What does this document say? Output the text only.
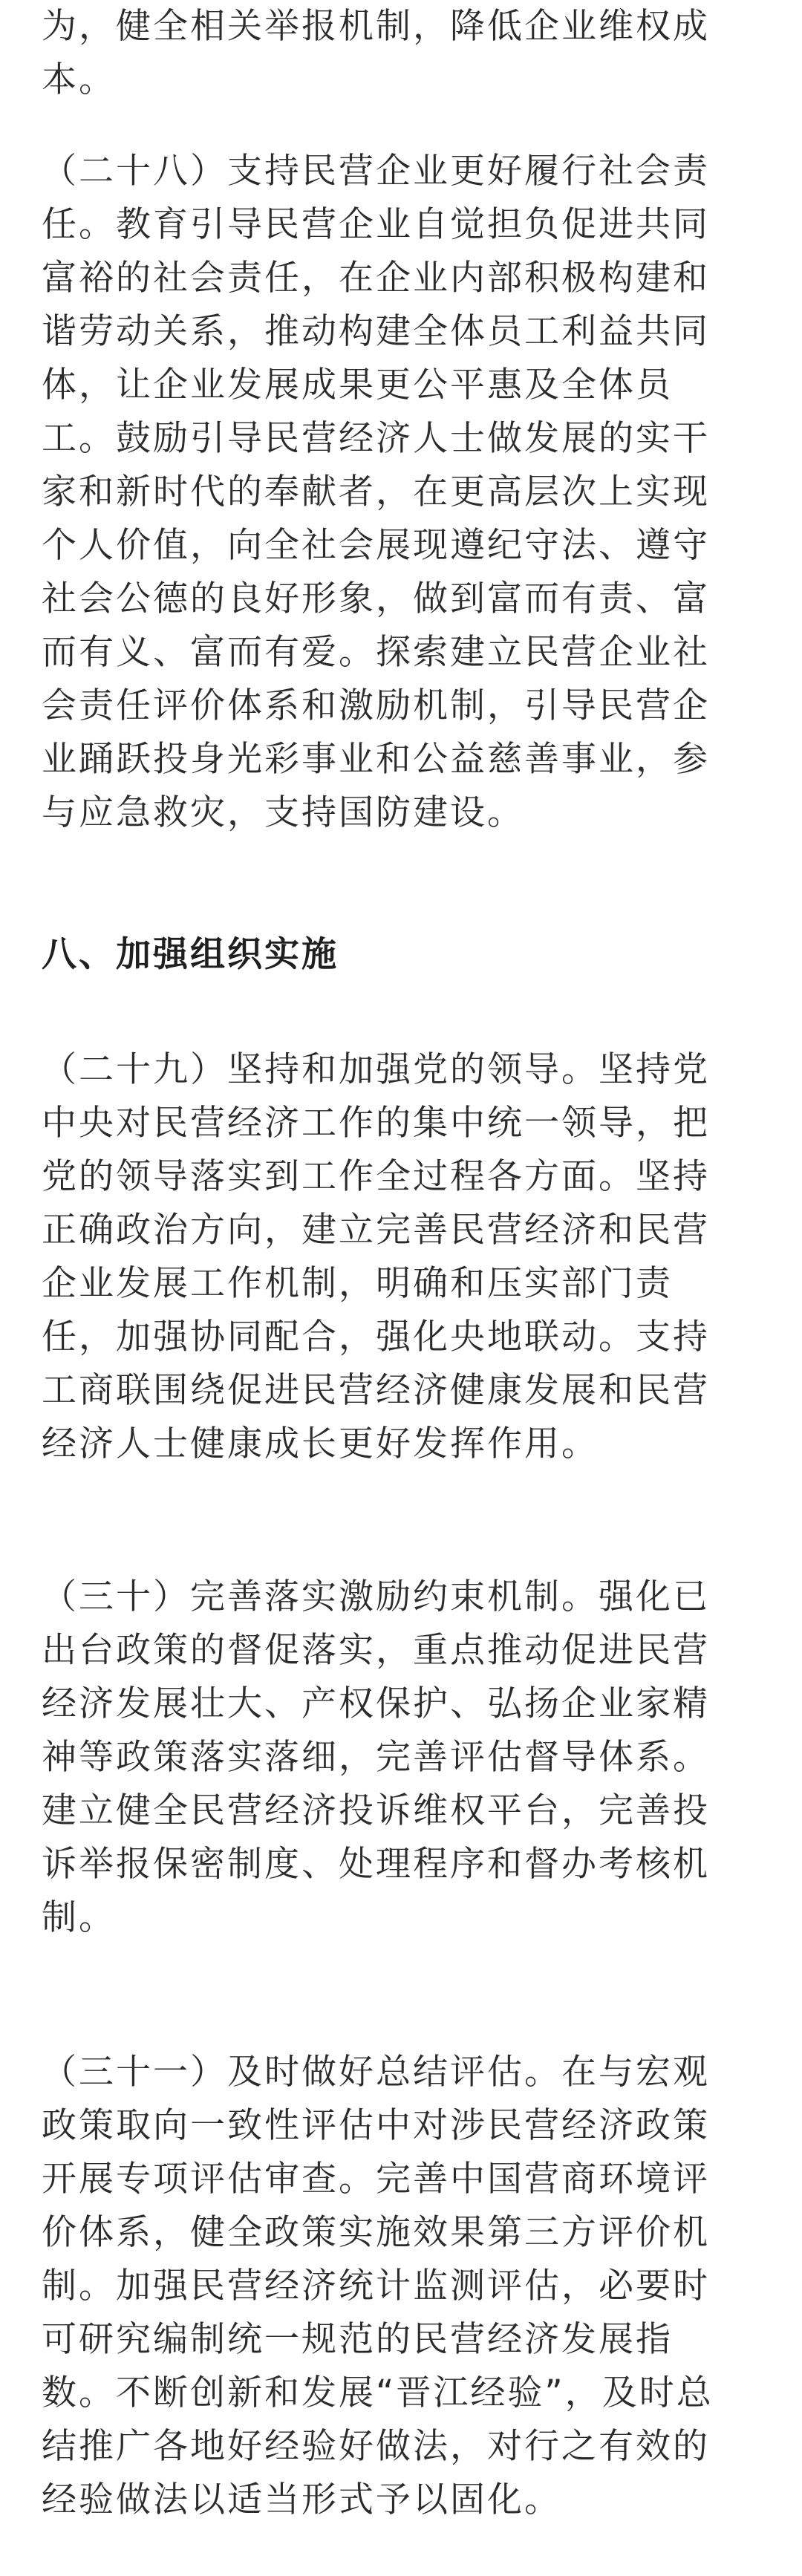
为，健全相关举报机制，降低企业维权成
本。

（二十八）支持民营企业更好履行社会责
任。教育引导民营企业自觉担负促进共同
富裕的社会责任，在企业内部积极构建和
谐劳动关系，推动构建全体员工利益共同
体，让企业发展成果更公平惠及全体员
工。鼓励引导民营经济人士做发展的实干
家和新时代的奉献者，在更高层次上实现
个人价值，向全社会展现遵纪守法、遵守
社会公德的良好形象，做到富而有责、富
而有义、富而有爱。探索建立民营企业社
会责任评价体系和激励机制，引导民营企
业踊跃投身光彩事业和公益慈善事业，参
与应急救灾，支持国防建设。

八、加强组织实施

（二十九）坚持和加强党的领导。坚持党
中央对民营经济工作的集中统一领导，把
党的领导落实到工作全过程各方面。坚持
正确政治方向，建立完善民营经济和民营
企业发展工作机制，明确和压实部门责
任，加强协同配合，强化央地联动。支持
工商联围绕促进民营经济健康发展和民营
经济人士健康成长更好发挥作用。

（三十）完善落实激励约束机制。强化已
出台政策的督促落实，重点推动促进民营
经济发展壮大、产权保护、弘扬企业家精
神等政策落实落细，完善评估督导体系。
建立健全民营经济投诉维权平台，完善投
诉举报保密制度、处理程序和督办考核机
制。

（三十一）及时做好总结评估。在与宏观
政策取向一致性评估中对涉民营经济政策
开展专项评估审查。完善中国营商环境评
价体系，健全政策实施效果第三方评价机
制。加强民营经济统计监测评估，必要时
可研究编制统一规范的民营经济发展指
数。不断创新和发展“晋江经验”，及时总
结推广各地好经验好做法，对行之有效的
经验做法以适当形式予以固化。
